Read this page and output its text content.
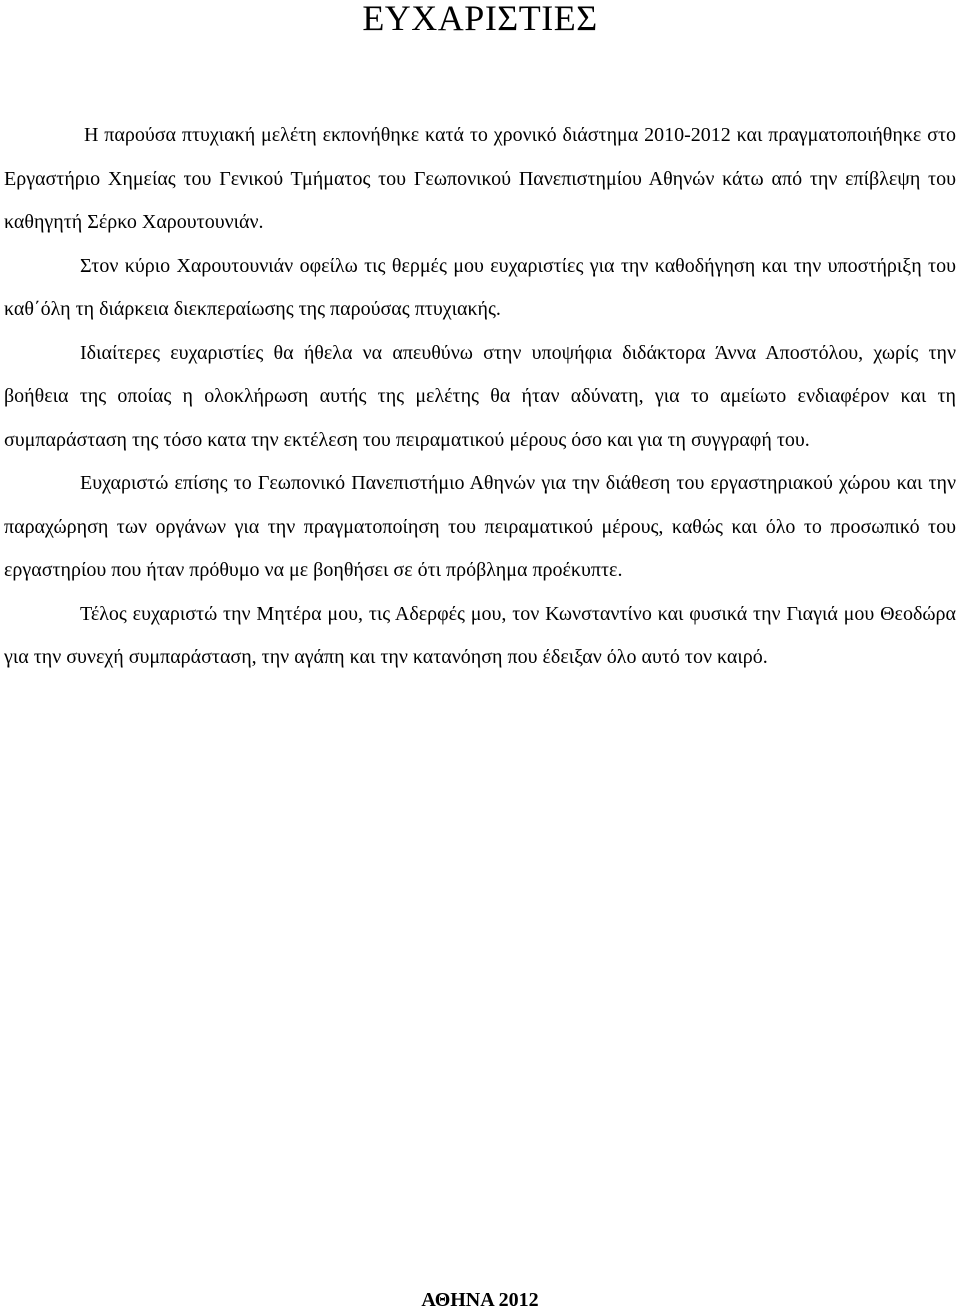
ΕΥΧΑΡΙΣΤΙΕΣ

Η παρούσα πτυχιακή μελέτη εκπονήθηκε κατά το χρονικό διάστημα 2010-2012 και πραγματοποιήθηκε στο Εργαστήριο Χημείας του Γενικού Τμήματος του Γεωπονικού Πανεπιστημίου Αθηνών κάτω από την επίβλεψη του καθηγητή Σέρκο Χαρουτουνιάν.

Στον κύριο Χαρουτουνιάν οφείλω τις θερμές μου ευχαριστίες για την καθοδήγηση και την υποστήριξη του καθ΄όλη τη διάρκεια διεκπεραίωσης της παρούσας πτυχιακής.

Ιδιαίτερες ευχαριστίες θα ήθελα να απευθύνω στην υποψήφια διδάκτορα Άννα Αποστόλου, χωρίς την βοήθεια της οποίας η ολοκλήρωση αυτής της μελέτης θα ήταν αδύνατη, για το αμείωτο ενδιαφέρον και τη συμπαράσταση της τόσο κατα την εκτέλεση του πειραματικού μέρους όσο και για τη συγγραφή του.

Ευχαριστώ επίσης το Γεωπονικό Πανεπιστήμιο Αθηνών για την διάθεση του εργαστηριακού χώρου και την παραχώρηση των οργάνων για την πραγματοποίηση του πειραματικού μέρους, καθώς και όλο το προσωπικό του εργαστηρίου που ήταν πρόθυμο να με βοηθήσει σε ότι πρόβλημα προέκυπτε.

Τέλος ευχαριστώ την Μητέρα μου, τις Αδερφές μου, τον Κωνσταντίνο και φυσικά την Γιαγιά μου Θεοδώρα για την συνεχή συμπαράσταση, την αγάπη και την κατανόηση που έδειξαν όλο αυτό τον καιρό.

ΑΘΗΝΑ 2012
